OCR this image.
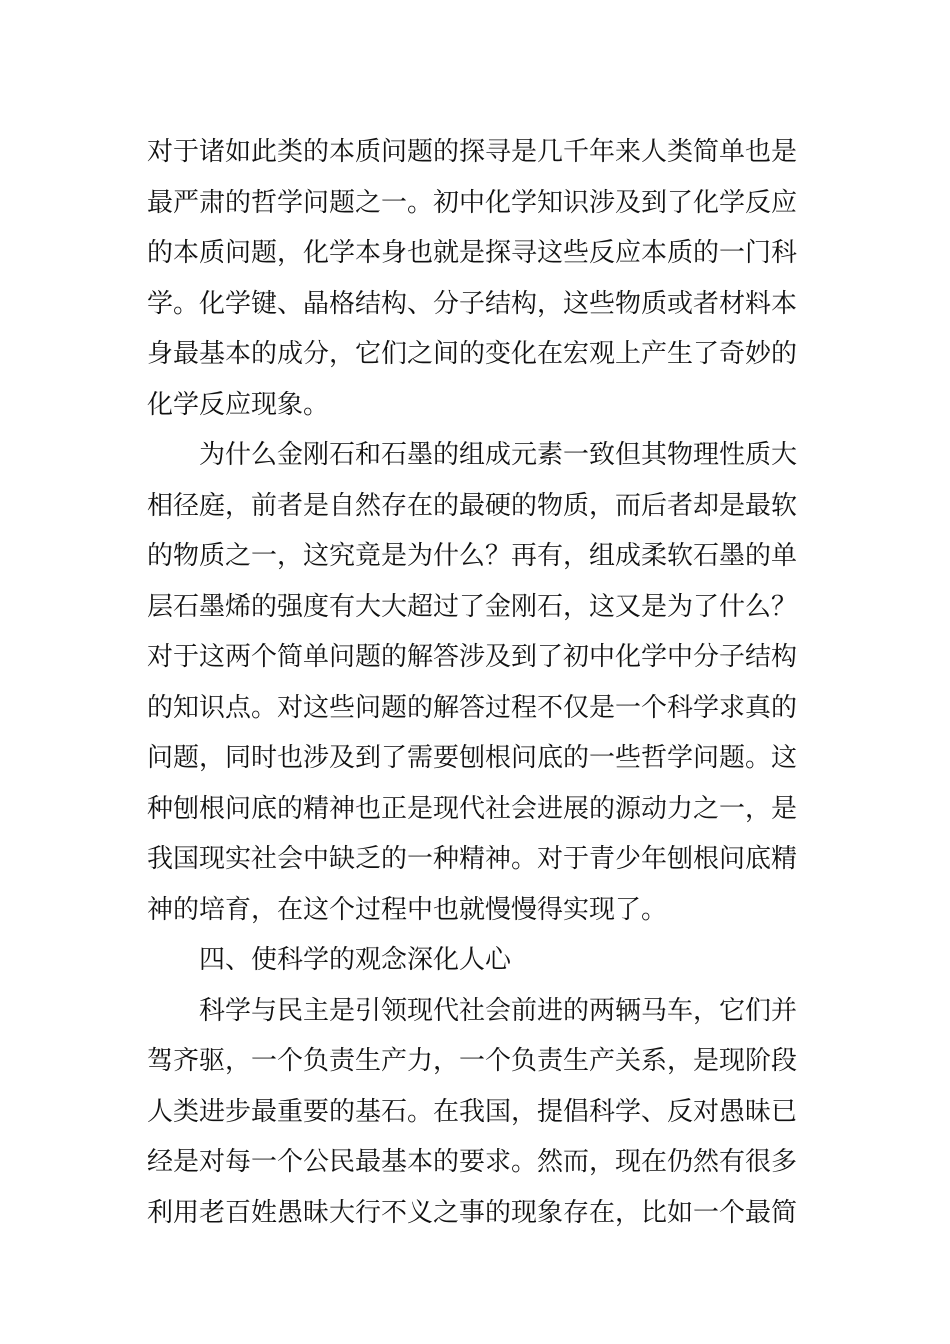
对于诸如此类的本质问题的探寻是几千年来人类简单也是
最严肃的哲学问题之一。初中化学知识涉及到了化学反应
的本质问题，化学本身也就是探寻这些反应本质的一门科
学。化学键、晶格结构、分子结构，这些物质或者材料本
身最基本的成分，它们之间的变化在宏观上产生了奇妙的
化学反应现象。
为什么金刚石和石墨的组成元素一致但其物理性质大
相径庭，前者是自然存在的最硬的物质，而后者却是最软
的物质之一，这究竟是为什么？再有，组成柔软石墨的单
层石墨烯的强度有大大超过了金刚石，这又是为了什么？
对于这两个简单问题的解答涉及到了初中化学中分子结构
的知识点。对这些问题的解答过程不仅是一个科学求真的
问题，同时也涉及到了需要刨根问底的一些哲学问题。这
种刨根问底的精神也正是现代社会进展的源动力之一，是
我国现实社会中缺乏的一种精神。对于青少年刨根问底精
神的培育，在这个过程中也就慢慢得实现了。
四、使科学的观念深化人心
科学与民主是引领现代社会前进的两辆马车，它们并
驾齐驱，一个负责生产力，一个负责生产关系，是现阶段
人类进步最重要的基石。在我国，提倡科学、反对愚昧已
经是对每一个公民最基本的要求。然而，现在仍然有很多
利用老百姓愚昧大行不义之事的现象存在，比如一个最简
